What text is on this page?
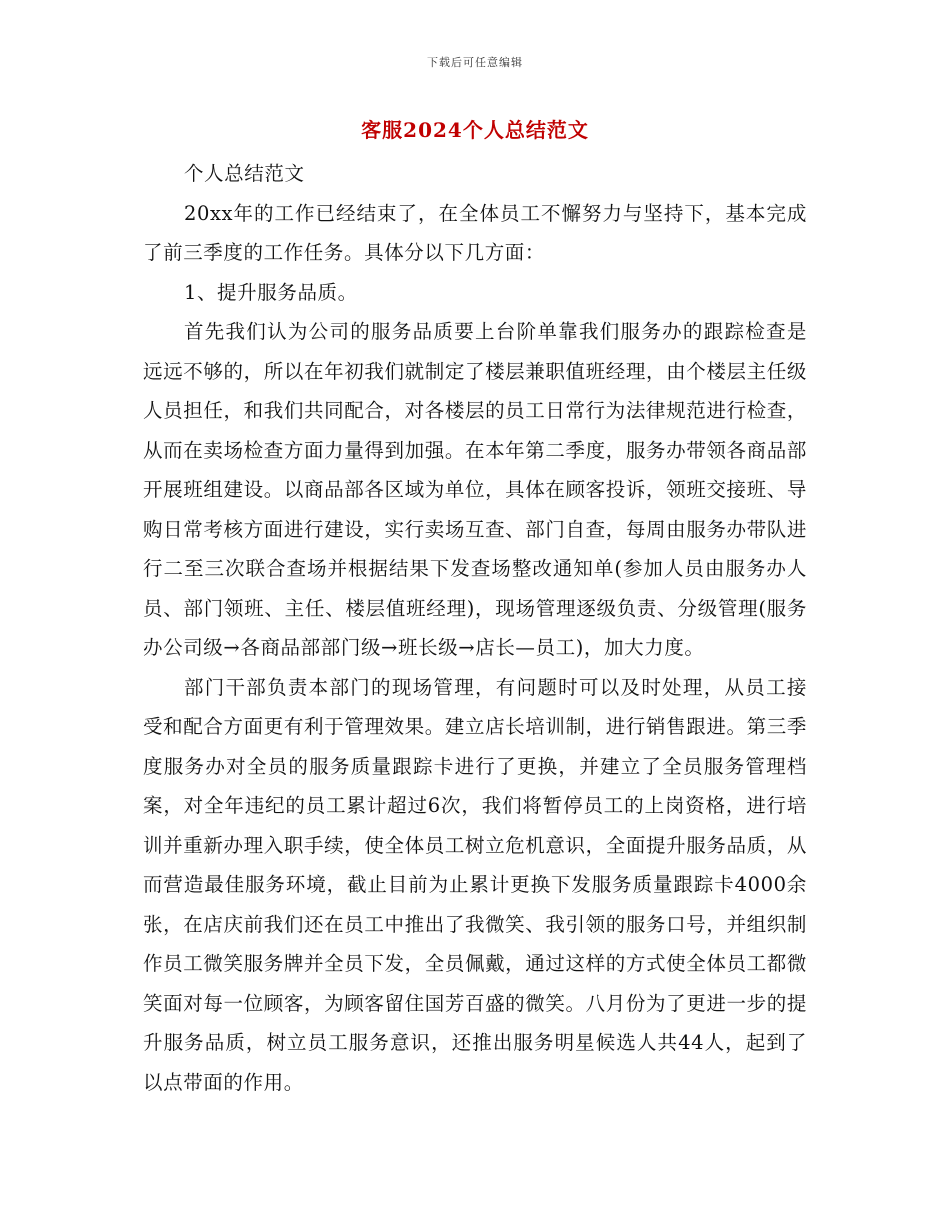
下载后可任意编辑
客服2024个人总结范文

个人总结范文

20xx年的工作已经结束了，在全体员工不懈努力与坚持下，基本完成了前三季度的工作任务。具体分以下几方面：

1、提升服务品质。

首先我们认为公司的服务品质要上台阶单靠我们服务办的跟踪检查是远远不够的，所以在年初我们就制定了楼层兼职值班经理，由个楼层主任级人员担任，和我们共同配合，对各楼层的员工日常行为法律规范进行检查，从而在卖场检查方面力量得到加强。在本年第二季度，服务办带领各商品部开展班组建设。以商品部各区域为单位，具体在顾客投诉，领班交接班、导购日常考核方面进行建设，实行卖场互查、部门自查，每周由服务办带队进行二至三次联合查场并根据结果下发查场整改通知单(参加人员由服务办人员、部门领班、主任、楼层值班经理)，现场管理逐级负责、分级管理(服务办公司级→各商品部部门级→班长级→店长—员工)，加大力度。

部门干部负责本部门的现场管理，有问题时可以及时处理，从员工接受和配合方面更有利于管理效果。建立店长培训制，进行销售跟进。第三季度服务办对全员的服务质量跟踪卡进行了更换，并建立了全员服务管理档案，对全年违纪的员工累计超过6次，我们将暂停员工的上岗资格，进行培训并重新办理入职手续，使全体员工树立危机意识，全面提升服务品质，从而营造最佳服务环境，截止目前为止累计更换下发服务质量跟踪卡4000余张，在店庆前我们还在员工中推出了我微笑、我引领的服务口号，并组织制作员工微笑服务牌并全员下发，全员佩戴，通过这样的方式使全体员工都微笑面对每一位顾客，为顾客留住国芳百盛的微笑。八月份为了更进一步的提升服务品质，树立员工服务意识，还推出服务明星候选人共44人，起到了以点带面的作用。
